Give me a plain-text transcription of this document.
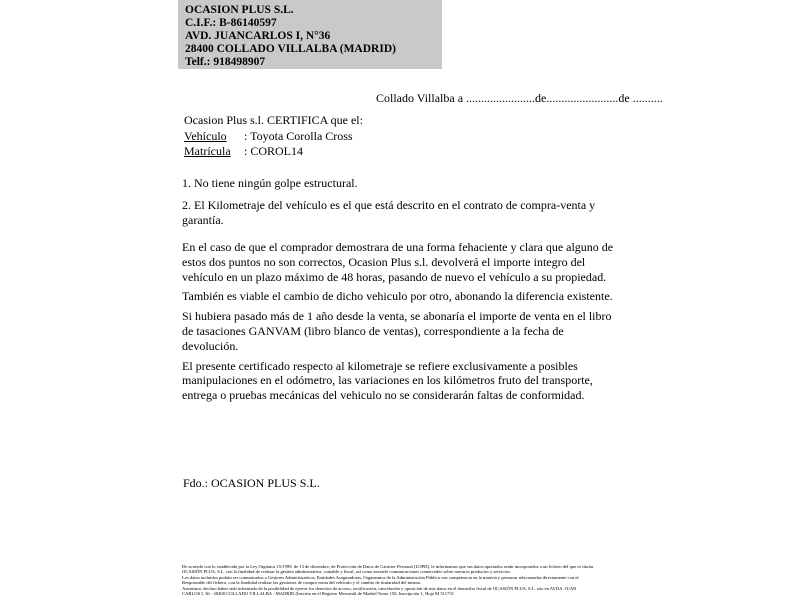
OCASION PLUS S.L.
C.I.F.: B-86140597
AVD. JUANCARLOS I, N°36
28400 COLLADO VILLALBA (MADRID)
Telf.: 918498907
Collado Villalba a .......................de........................de ..........
Ocasion Plus s.l. CERTIFICA que el:
Vehículo : Toyota Corolla Cross
Matrícula : COROL14

1. No tiene ningún golpe estructural.

2. El Kilometraje del vehículo es el que está descrito en el contrato de compra-venta y garantía.

En el caso de que el comprador demostrara de una forma fehaciente y clara que alguno de estos dos puntos no son correctos, Ocasion Plus s.l. devolverá el importe integro del vehículo en un plazo máximo de 48 horas, pasando de nuevo el vehículo a su propiedad.

También es viable el cambio de dicho vehiculo por otro, abonando la diferencia existente.

Si hubiera pasado más de 1 año desde la venta, se abonaría el importe de venta en el libro de tasaciones GANVAM (libro blanco de ventas), correspondiente a la fecha de devolución.

El presente certificado respecto al kilometraje se refiere exclusivamente a posibles manipulaciones en el odómetro, las variaciones en los kilómetros fruto del transporte, entrega o pruebas mecánicas del vehiculo no se considerarán faltas de conformidad.

Fdo.: OCASION PLUS S.L.
De acuerdo con lo establecido por la Ley Orgánica 15/1999, de 13 de diciembre, de Protección de Datos de Carácter Personal (LOPD), le informamos que sus datos aportados serán incorporados a un fichero del que es titular
OCASIÓN PLUS, S.L. con la finalidad de realizar la gestión administrativa, contable y fiscal, así como enviarle comunicaciones comerciales sobre nuestros productos y servicios.
Los datos incluidos podrán ser comunicados a Gestores Administrativos, Entidades Aseguradoras, Organismos de la Administración Pública con competencia en la materia y personas relacionadas directamente con el
Responsable del fichero, con la finalidad realizar las gestiones de compra venta del vehículo y el cambio de titularidad del mismo.
Asimismo, declaro haber sido informado de la posibilidad de ejercer los derechos de acceso, rectificación, cancelación y oposición de mis datos en el domicilio fiscal de OCASIÓN PLUS, S.L. sito en AVDA. JUAN
CARLOS I, 36 - 28400 COLLADO VILLALBA - MADRID (Inscrita en el Registro Mercantil de Madrid Tomo 150, Inscripción 1, Hoja M 511731
